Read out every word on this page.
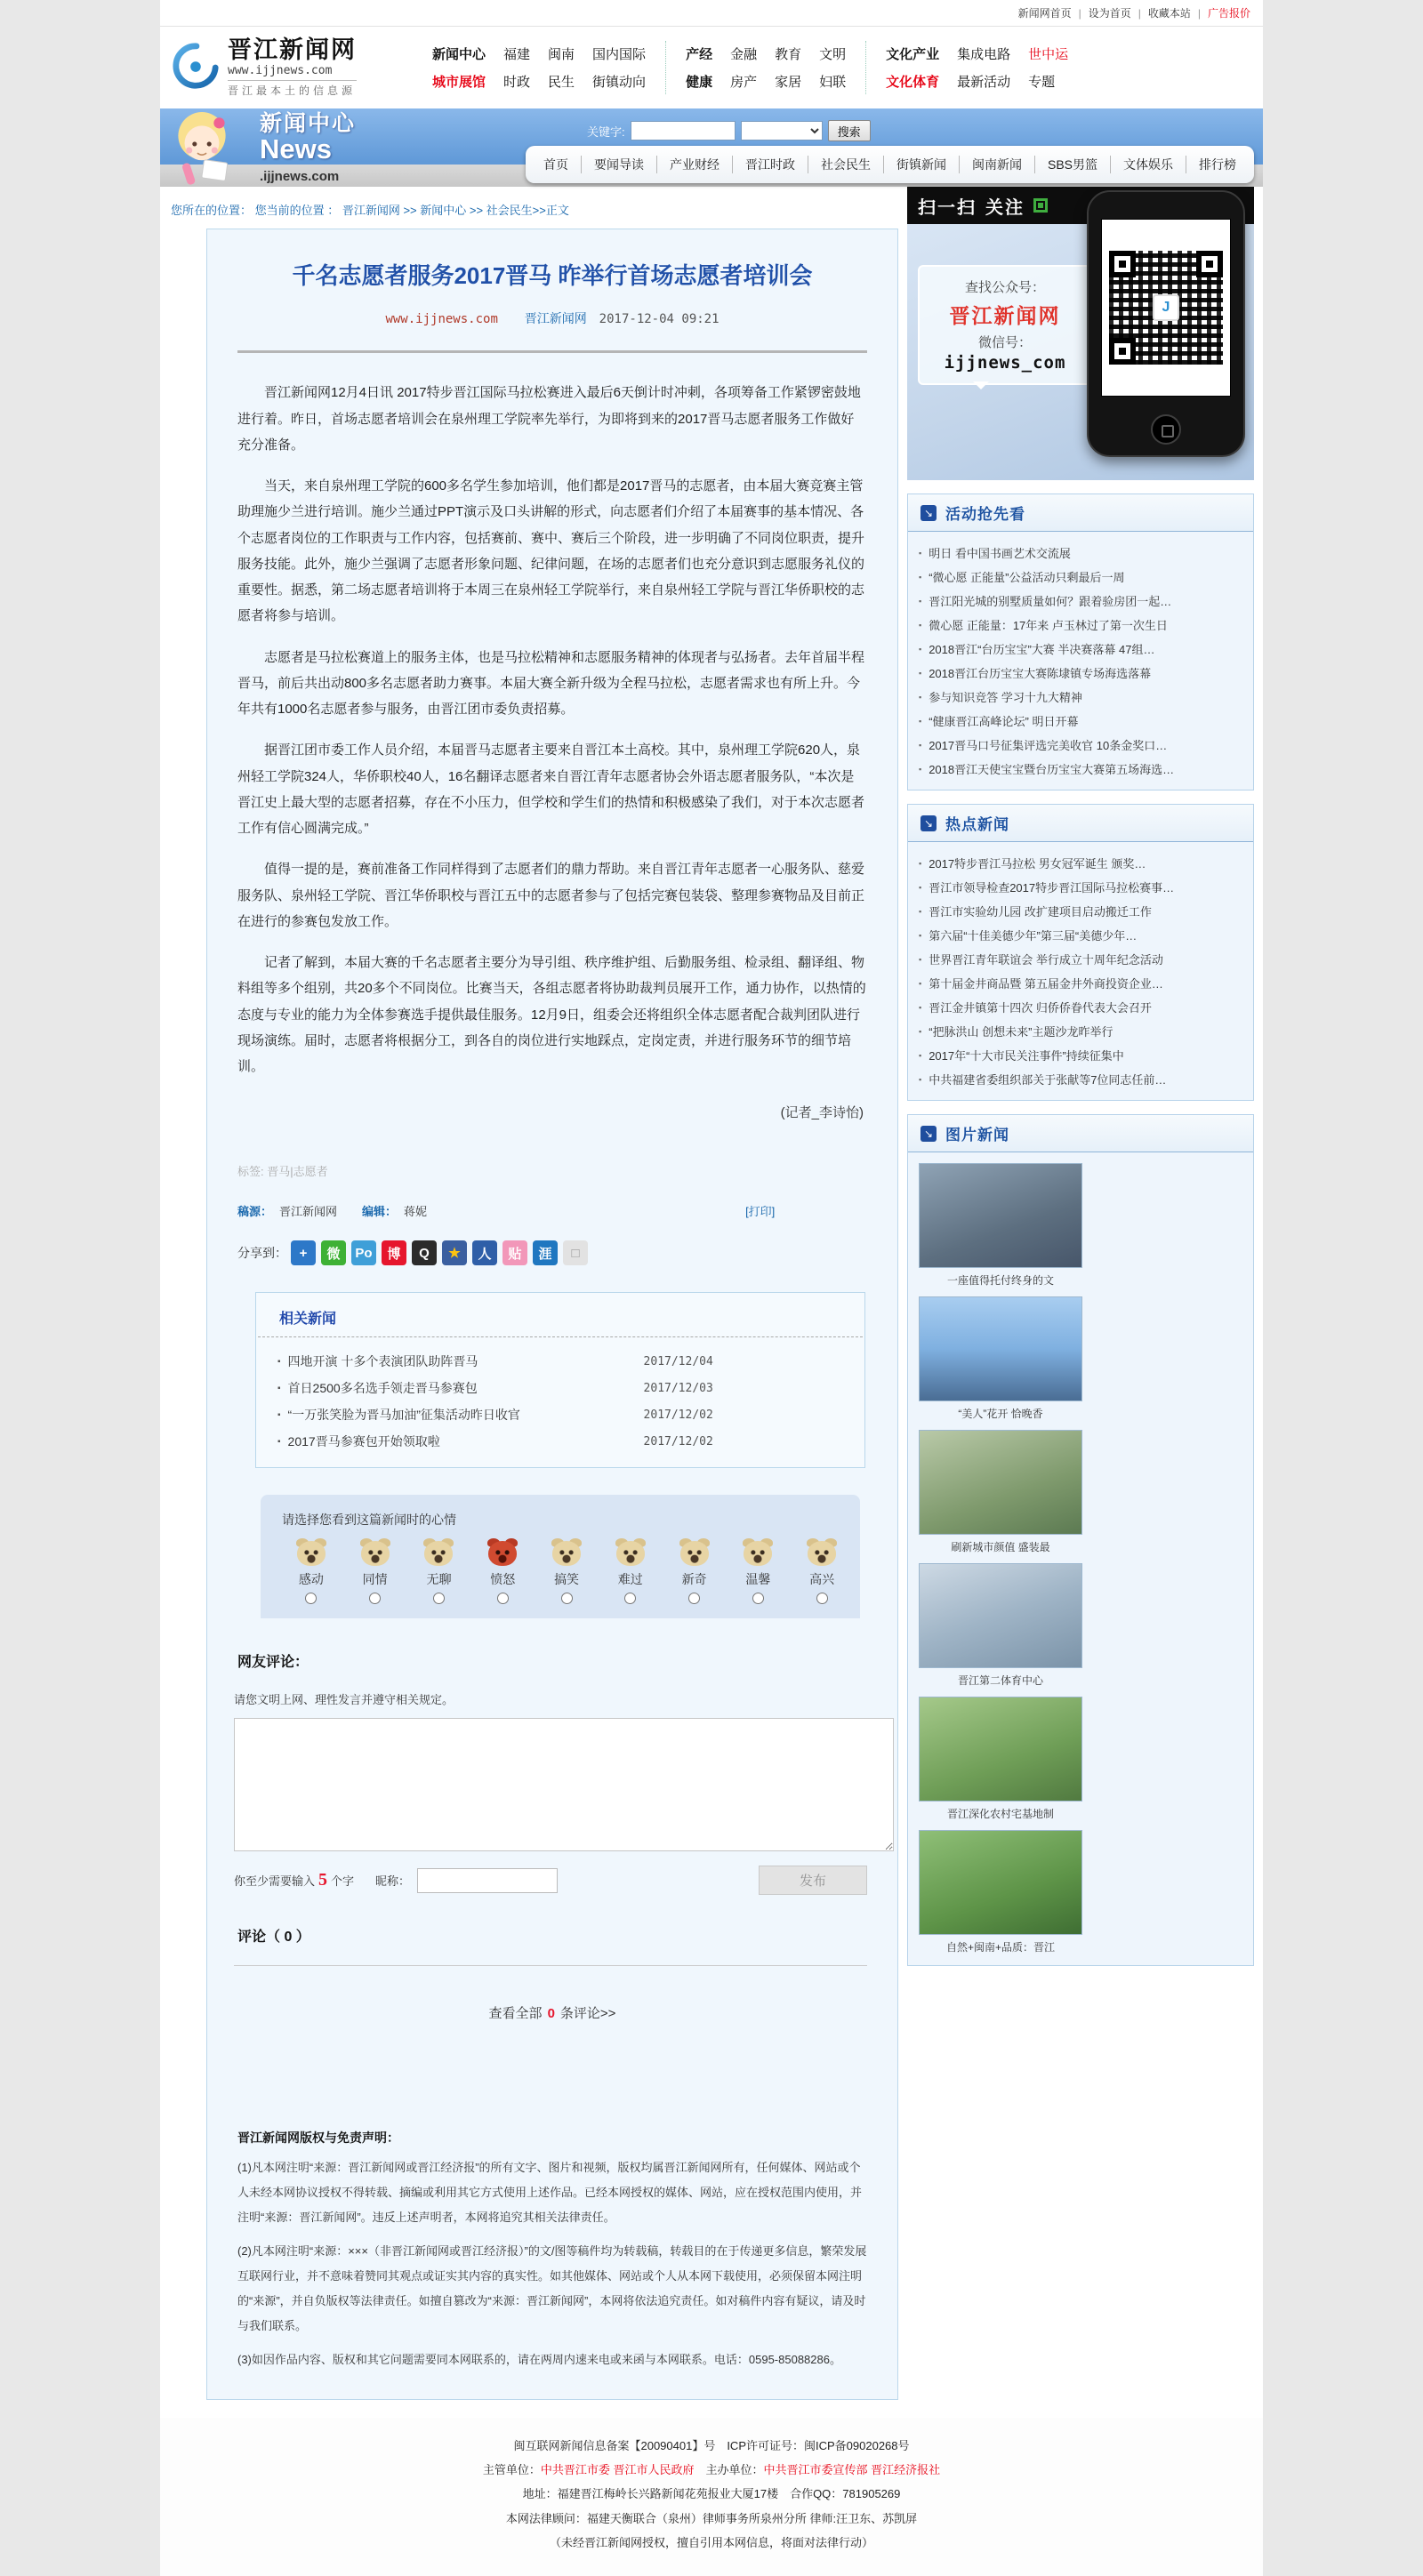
新闻网首页 | 设为首页 | 收藏本站 | 广告报价
晋江新闻网
www.ijjnews.com
晋江最本土的信息源
新闻中心 福建 闽南 国内国际
城市展馆 时政 民生 街镇动向
产经 金融 教育 文明
健康 房产 家居 妇联
文化产业 集成电路 世中运
文化体育 最新活动 专题
新闻中心
News
.ijjnews.com
关键字:	搜索
首页	要闻导读	产业财经	晋江时政	社会民生	街镇新闻	闽南新闻	SBS男篮	文体娱乐	排行榜
您所在的位置： 您当前的位置 ： 晋江新闻网 >> 新闻中心 >> 社会民生>>正文
千名志愿者服务2017晋马 昨举行首场志愿者培训会
www.ijjnews.com 晋江新闻网 2017-12-04 09:21

晋江新闻网12月4日讯 2017特步晋江国际马拉松赛进入最后6天倒计时冲刺，各项筹备工作紧锣密鼓地进行着。昨日，首场志愿者培训会在泉州理工学院率先举行，为即将到来的2017晋马志愿者服务工作做好充分准备。

当天，来自泉州理工学院的600多名学生参加培训，他们都是2017晋马的志愿者，由本届大赛竞赛主管助理施少兰进行培训。施少兰通过PPT演示及口头讲解的形式，向志愿者们介绍了本届赛事的基本情况、各个志愿者岗位的工作职责与工作内容，包括赛前、赛中、赛后三个阶段，进一步明确了不同岗位职责，提升服务技能。此外，施少兰强调了志愿者形象问题、纪律问题，在场的志愿者们也充分意识到志愿服务礼仪的重要性。据悉，第二场志愿者培训将于本周三在泉州轻工学院举行，来自泉州轻工学院与晋江华侨职校的志愿者将参与培训。

志愿者是马拉松赛道上的服务主体，也是马拉松精神和志愿服务精神的体现者与弘扬者。去年首届半程晋马，前后共出动800多名志愿者助力赛事。本届大赛全新升级为全程马拉松，志愿者需求也有所上升。今年共有1000名志愿者参与服务，由晋江团市委负责招募。

据晋江团市委工作人员介绍，本届晋马志愿者主要来自晋江本土高校。其中，泉州理工学院620人，泉州轻工学院324人，华侨职校40人，16名翻译志愿者来自晋江青年志愿者协会外语志愿者服务队，“本次是晋江史上最大型的志愿者招募，存在不小压力，但学校和学生们的热情和积极感染了我们，对于本次志愿者工作有信心圆满完成。”

值得一提的是，赛前准备工作同样得到了志愿者们的鼎力帮助。来自晋江青年志愿者一心服务队、慈爱服务队、泉州轻工学院、晋江华侨职校与晋江五中的志愿者参与了包括完赛包装袋、整理参赛物品及目前正在进行的参赛包发放工作。

记者了解到，本届大赛的千名志愿者主要分为导引组、秩序维护组、后勤服务组、检录组、翻译组、物料组等多个组别，共20多个不同岗位。比赛当天，各组志愿者将协助裁判员展开工作，通力协作，以热情的态度与专业的能力为全体参赛选手提供最佳服务。12月9日，组委会还将组织全体志愿者配合裁判团队进行现场演练。届时，志愿者将根据分工，到各自的岗位进行实地踩点，定岗定责，并进行服务环节的细节培训。

(记者_李诗怡)
标签: 晋马|志愿者
稿源： 晋江新闻网 编辑： 蒋妮	[打印]
分享到： +	微	Po	博	Q	★	人	贴	涯	□
相关新闻
▪ 四地开演 十多个表演团队助阵晋马	2017/12/04
▪ 首日2500多名选手领走晋马参赛包	2017/12/03
▪ “一万张笑脸为晋马加油”征集活动昨日收官	2017/12/02
▪ 2017晋马参赛包开始领取啦	2017/12/02
请选择您看到这篇新闻时的心情
感动	同情	无聊	愤怒	搞笑	难过	新奇	温馨	高兴
网友评论：
请您文明上网、理性发言并遵守相关规定。
你至少需要输入 5 个字 昵称：	发布
评论（ 0 ）
查看全部 0 条评论>>
晋江新闻网版权与免责声明：

(1)凡本网注明“来源：晋江新闻网或晋江经济报”的所有文字、图片和视频，版权均属晋江新闻网所有，任何媒体、网站或个人未经本网协议授权不得转载、摘编或利用其它方式使用上述作品。已经本网授权的媒体、网站，应在授权范围内使用，并注明“来源：晋江新闻网”。违反上述声明者，本网将追究其相关法律责任。

(2)凡本网注明“来源：×××（非晋江新闻网或晋江经济报）”的文/图等稿件均为转载稿，转载目的在于传递更多信息，繁荣发展互联网行业，并不意味着赞同其观点或证实其内容的真实性。如其他媒体、网站或个人从本网下载使用，必须保留本网注明的“来源”，并自负版权等法律责任。如擅自篡改为“来源：晋江新闻网”，本网将依法追究责任。如对稿件内容有疑议，请及时与我们联系。

(3)如因作品内容、版权和其它问题需要同本网联系的，请在两周内速来电或来函与本网联系。电话：0595-85088286。

扫一扫 关注
查找公众号：
晋江新闻网
微信号：
ijjnews_com
J
↘ 活动抢先看
▪ 明日 看中国书画艺术交流展
▪ “微心愿 正能量”公益活动只剩最后一周
▪ 晋江阳光城的别墅质量如何？跟着验房团一起…
▪ 微心愿 正能量：17年来 卢玉林过了第一次生日
▪ 2018晋江“台历宝宝”大赛 半决赛落幕 47组…
▪ 2018晋江台历宝宝大赛陈埭镇专场海选落幕
▪ 参与知识竞答 学习十九大精神
▪ “健康晋江高峰论坛” 明日开幕
▪ 2017晋马口号征集评选完美收官 10条金奖口…
▪ 2018晋江天使宝宝暨台历宝宝大赛第五场海选…
↘ 热点新闻
▪ 2017特步晋江马拉松 男女冠军诞生 颁奖…
▪ 晋江市领导检查2017特步晋江国际马拉松赛事…
▪ 晋江市实验幼儿园 改扩建项目启动搬迁工作
▪ 第六届“十佳美德少年”第三届“美德少年…
▪ 世界晋江青年联谊会 举行成立十周年纪念活动
▪ 第十届金井商品暨 第五届金井外商投资企业…
▪ 晋江金井镇第十四次 归侨侨眷代表大会召开
▪ “把脉洪山 创想未来”主题沙龙昨举行
▪ 2017年“十大市民关注事件”持续征集中
▪ 中共福建省委组织部关于张献等7位同志任前…
↘ 图片新闻
一座值得托付终身的文
“美人”花开 恰晚香
刷新城市颜值 盛装最
晋江第二体育中心
晋江深化农村宅基地制
自然+闽南+品质：晋江
闽互联网新闻信息备案【20090401】号　ICP许可证号：闽ICP备09020268号
主管单位：中共晋江市委 晋江市人民政府　主办单位：中共晋江市委宣传部 晋江经济报社
地址：福建晋江梅岭长兴路新闻花苑报业大厦17楼　合作QQ：781905269
本网法律顾问：福建天衡联合（泉州）律师事务所泉州分所 律师:汪卫东、苏凯屏
（未经晋江新闻网授权，擅自引用本网信息，将面对法律行动）
